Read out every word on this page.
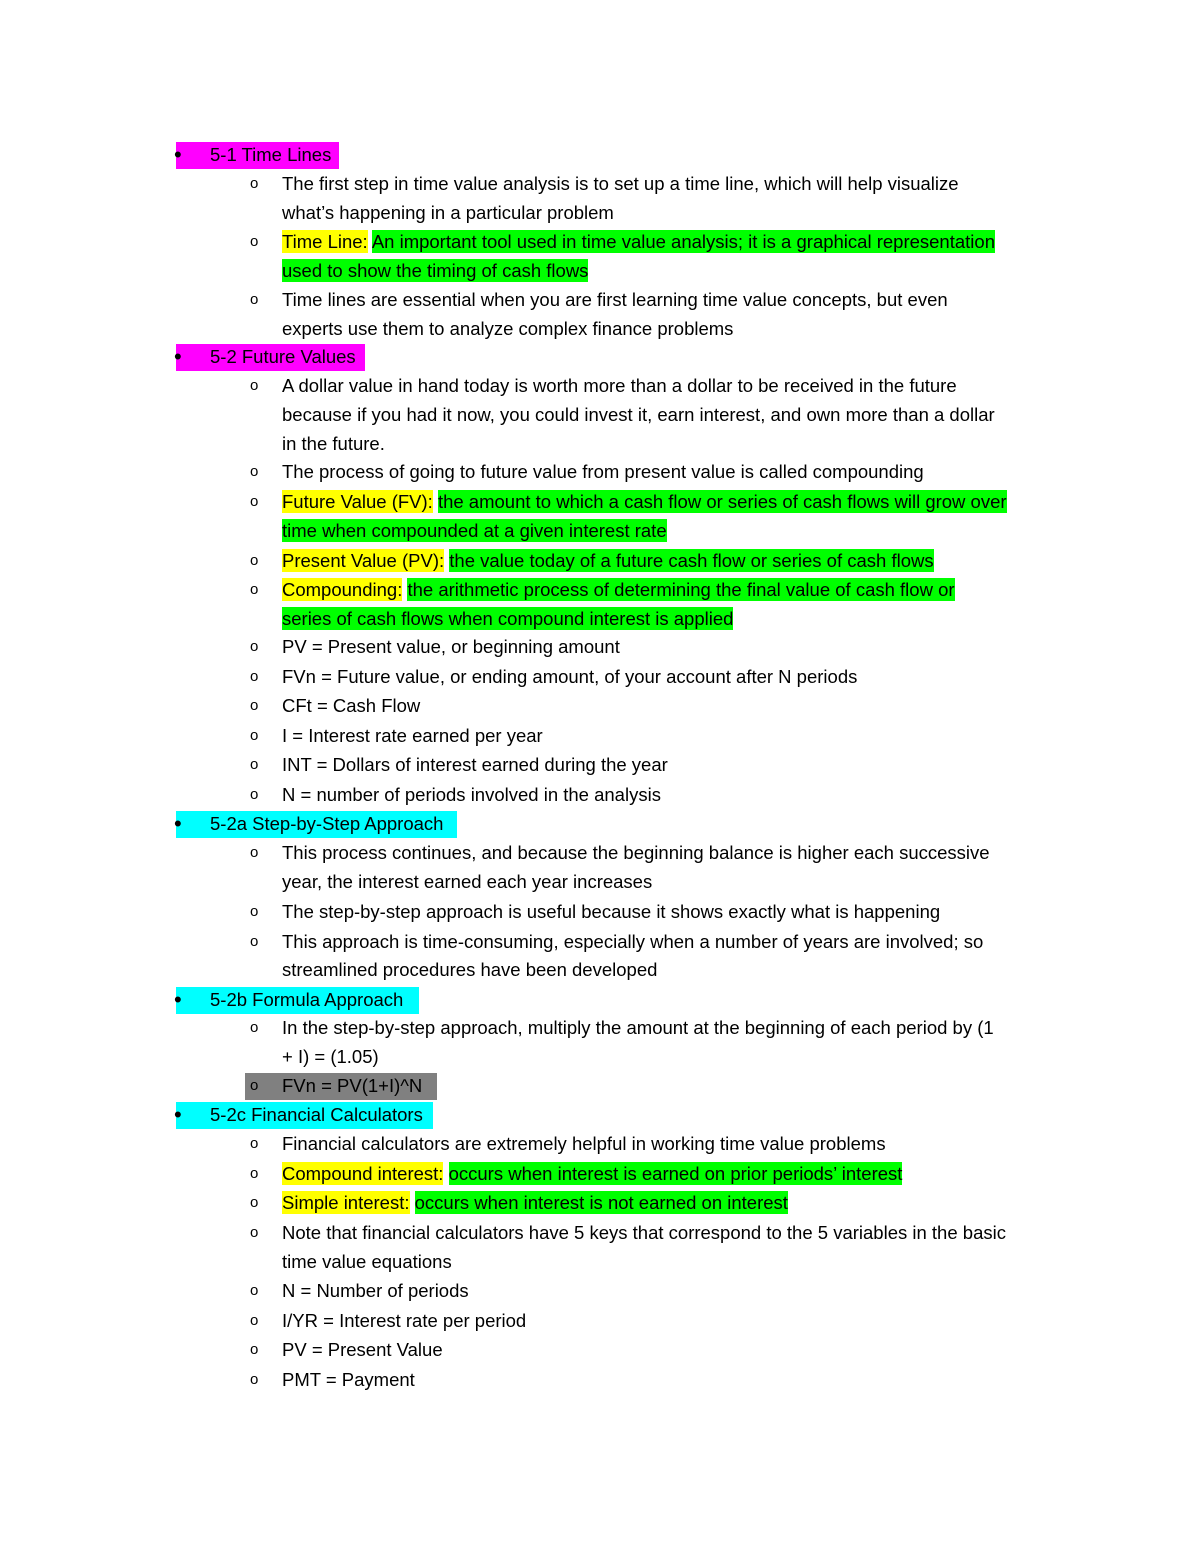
• 5-1 Time Lines
o The first step in time value analysis is to set up a time line, which will help visualize
what’s happening in a particular problem
o Time Line: An important tool used in time value analysis; it is a graphical representation
used to show the timing of cash flows
o Time lines are essential when you are first learning time value concepts, but even
experts use them to analyze complex finance problems
• 5-2 Future Values
o A dollar value in hand today is worth more than a dollar to be received in the future
because if you had it now, you could invest it, earn interest, and own more than a dollar
in the future.
o The process of going to future value from present value is called compounding
o Future Value (FV): the amount to which a cash flow or series of cash flows will grow over
time when compounded at a given interest rate
o Present Value (PV): the value today of a future cash flow or series of cash flows
o Compounding: the arithmetic process of determining the final value of cash flow or
series of cash flows when compound interest is applied
o PV = Present value, or beginning amount
o FVn = Future value, or ending amount, of your account after N periods
o CFt = Cash Flow
o I = Interest rate earned per year
o INT = Dollars of interest earned during the year
o N = number of periods involved in the analysis
• 5-2a Step-by-Step Approach
o This process continues, and because the beginning balance is higher each successive
year, the interest earned each year increases
o The step-by-step approach is useful because it shows exactly what is happening
o This approach is time-consuming, especially when a number of years are involved; so
streamlined procedures have been developed
• 5-2b Formula Approach
o In the step-by-step approach, multiply the amount at the beginning of each period by (1
+ I) = (1.05)
o FVn = PV(1+I)^N
• 5-2c Financial Calculators
o Financial calculators are extremely helpful in working time value problems
o Compound interest: occurs when interest is earned on prior periods’ interest
o Simple interest: occurs when interest is not earned on interest
o Note that financial calculators have 5 keys that correspond to the 5 variables in the basic
time value equations
o N = Number of periods
o I/YR = Interest rate per period
o PV = Present Value
o PMT = Payment
